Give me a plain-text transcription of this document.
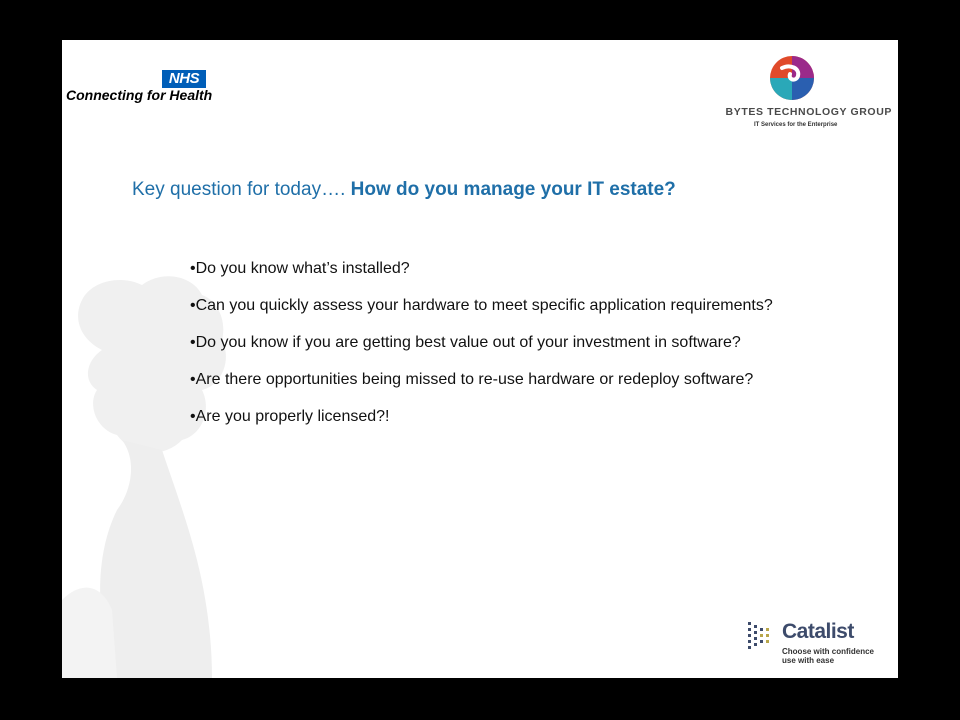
NHS
Connecting for Health
BYTES TECHNOLOGY GROUP
IT Services for the Enterprise
Key question for today…. How do you manage your IT estate?
•Do you know what’s installed?
•Can you quickly assess your hardware to meet specific application requirements?
•Do you know if you are getting best value out of your investment in software?
•Are there opportunities being missed to re-use hardware or redeploy software?
•Are you properly licensed?!
Catalist
Choose with confidence
use with ease
